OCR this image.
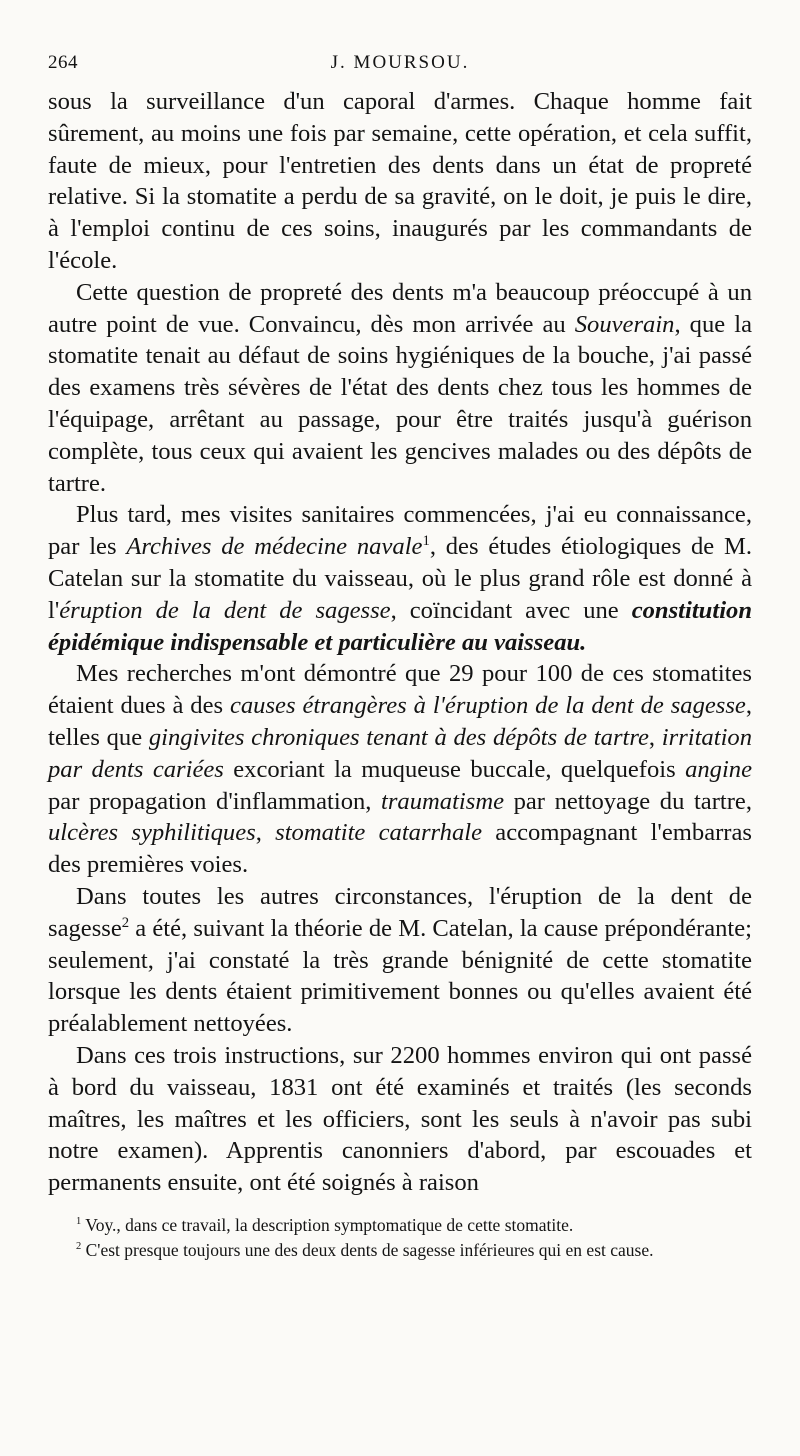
264	J. MOURSOU.

sous la surveillance d'un caporal d'armes. Chaque homme fait sûrement, au moins une fois par semaine, cette opération, et cela suffit, faute de mieux, pour l'entretien des dents dans un état de propreté relative. Si la stomatite a perdu de sa gravité, on le doit, je puis le dire, à l'emploi continu de ces soins, inaugurés par les commandants de l'école.

Cette question de propreté des dents m'a beaucoup préoccupé à un autre point de vue. Convaincu, dès mon arrivée au Souverain, que la stomatite tenait au défaut de soins hygiéniques de la bouche, j'ai passé des examens très sévères de l'état des dents chez tous les hommes de l'équipage, arrêtant au passage, pour être traités jusqu'à guérison complète, tous ceux qui avaient les gencives malades ou des dépôts de tartre.

Plus tard, mes visites sanitaires commencées, j'ai eu connaissance, par les Archives de médecine navale$^1$, des études étiologiques de M. Catelan sur la stomatite du vaisseau, où le plus grand rôle est donné à l'éruption de la dent de sagesse, coïncidant avec une constitution épidémique indispensable et particulière au vaisseau.

Mes recherches m'ont démontré que 29 pour 100 de ces stomatites étaient dues à des causes étrangères à l'éruption de la dent de sagesse, telles que gingivites chroniques tenant à des dépôts de tartre, irritation par dents cariées excoriant la muqueuse buccale, quelquefois angine par propagation d'inflammation, traumatisme par nettoyage du tartre, ulcères syphilitiques, stomatite catarrhale accompagnant l'embarras des premières voies.

Dans toutes les autres circonstances, l'éruption de la dent de sagesse$^2$ a été, suivant la théorie de M. Catelan, la cause prépondérante; seulement, j'ai constaté la très grande bénignité de cette stomatite lorsque les dents étaient primitivement bonnes ou qu'elles avaient été préalablement nettoyées.

Dans ces trois instructions, sur 2200 hommes environ qui ont passé à bord du vaisseau, 1831 ont été examinés et traités (les seconds maîtres, les maîtres et les officiers, sont les seuls à n'avoir pas subi notre examen). Apprentis canonniers d'abord, par escouades et permanents ensuite, ont été soignés à raison

$^1$ Voy., dans ce travail, la description symptomatique de cette stomatite.

$^2$ C'est presque toujours une des deux dents de sagesse inférieures qui en est cause.
